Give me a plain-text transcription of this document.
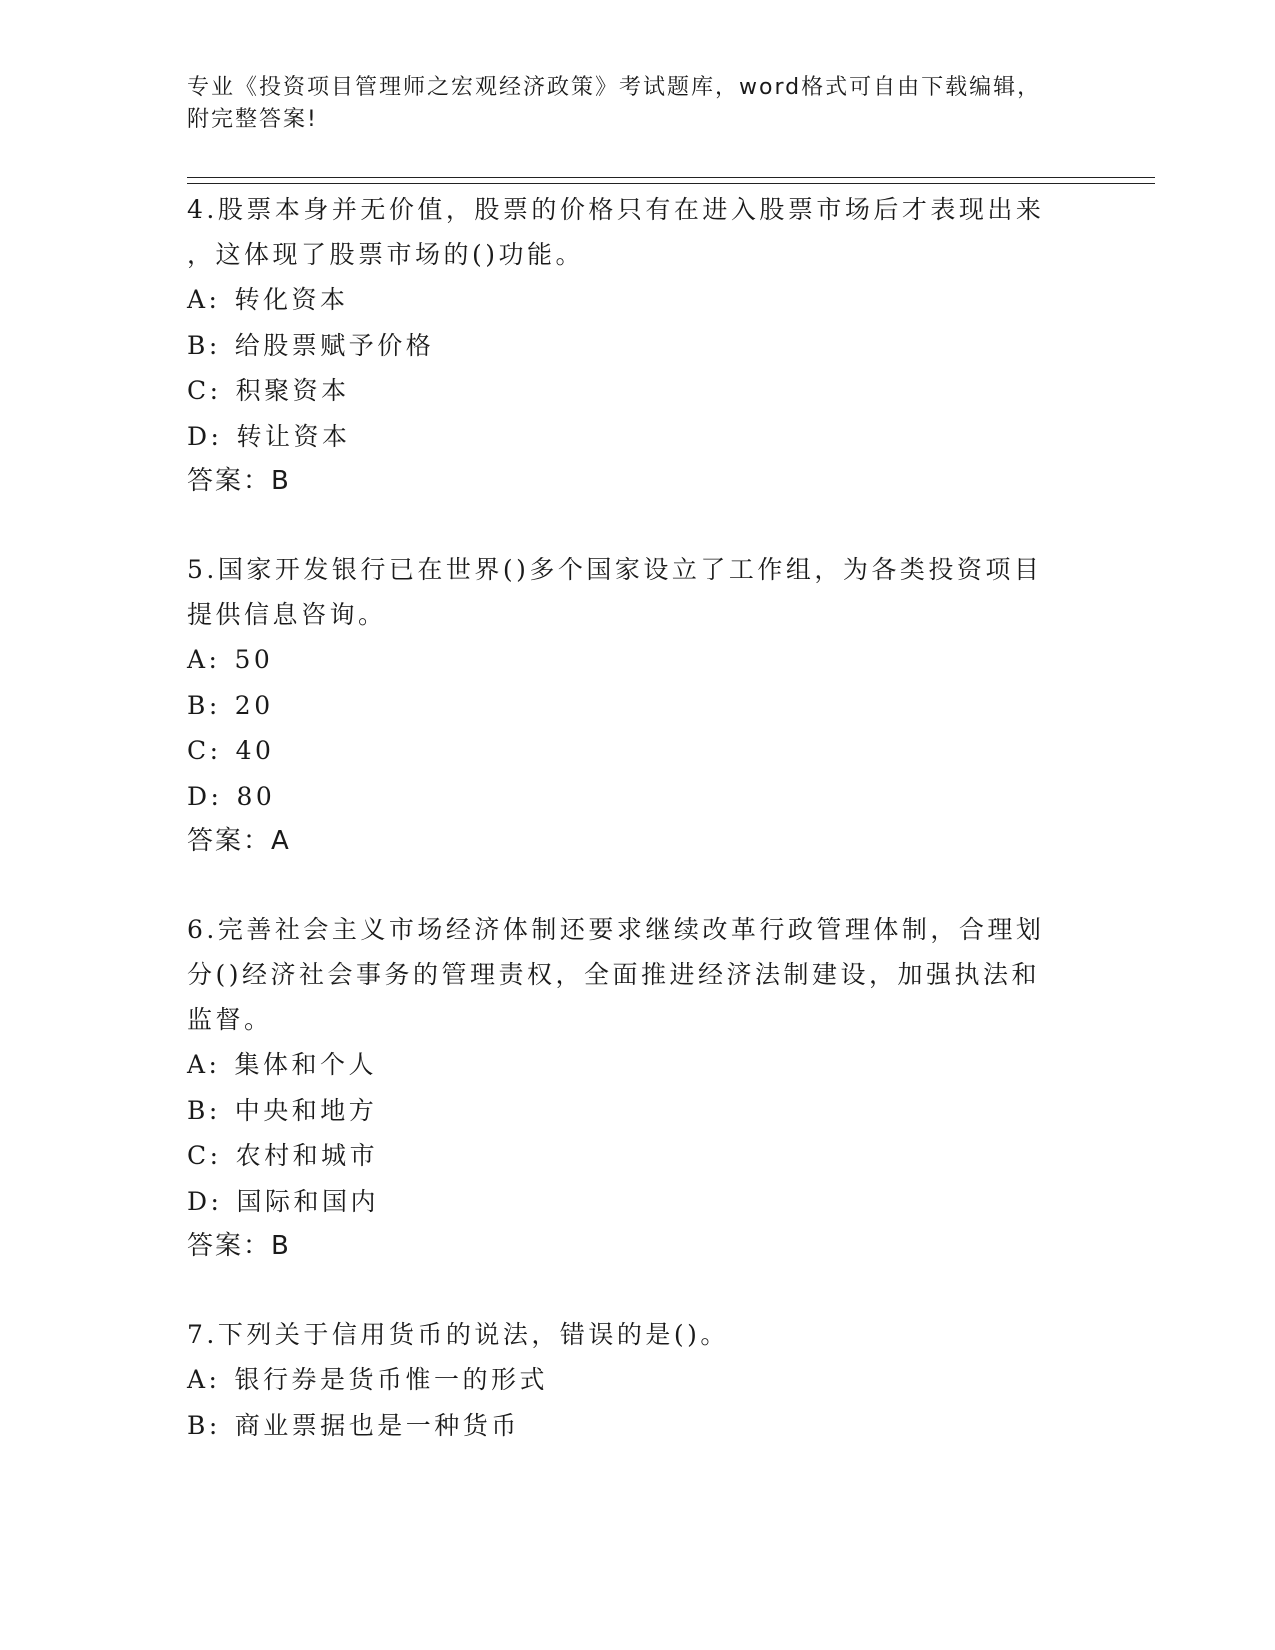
专业《投资项目管理师之宏观经济政策》考试题库，word格式可自由下载编辑，
附完整答案!
4.股票本身并无价值，股票的价格只有在进入股票市场后才表现出来
，这体现了股票市场的()功能。
A: 转化资本
B: 给股票赋予价格
C: 积聚资本
D: 转让资本
答案：B
5.国家开发银行已在世界()多个国家设立了工作组，为各类投资项目
提供信息咨询。
A: 50
B: 20
C: 40
D: 80
答案：A
6.完善社会主义市场经济体制还要求继续改革行政管理体制，合理划
分()经济社会事务的管理责权，全面推进经济法制建设，加强执法和
监督。
A: 集体和个人
B: 中央和地方
C: 农村和城市
D: 国际和国内
答案：B
7.下列关于信用货币的说法，错误的是()。
A: 银行券是货币惟一的形式
B: 商业票据也是一种货币
